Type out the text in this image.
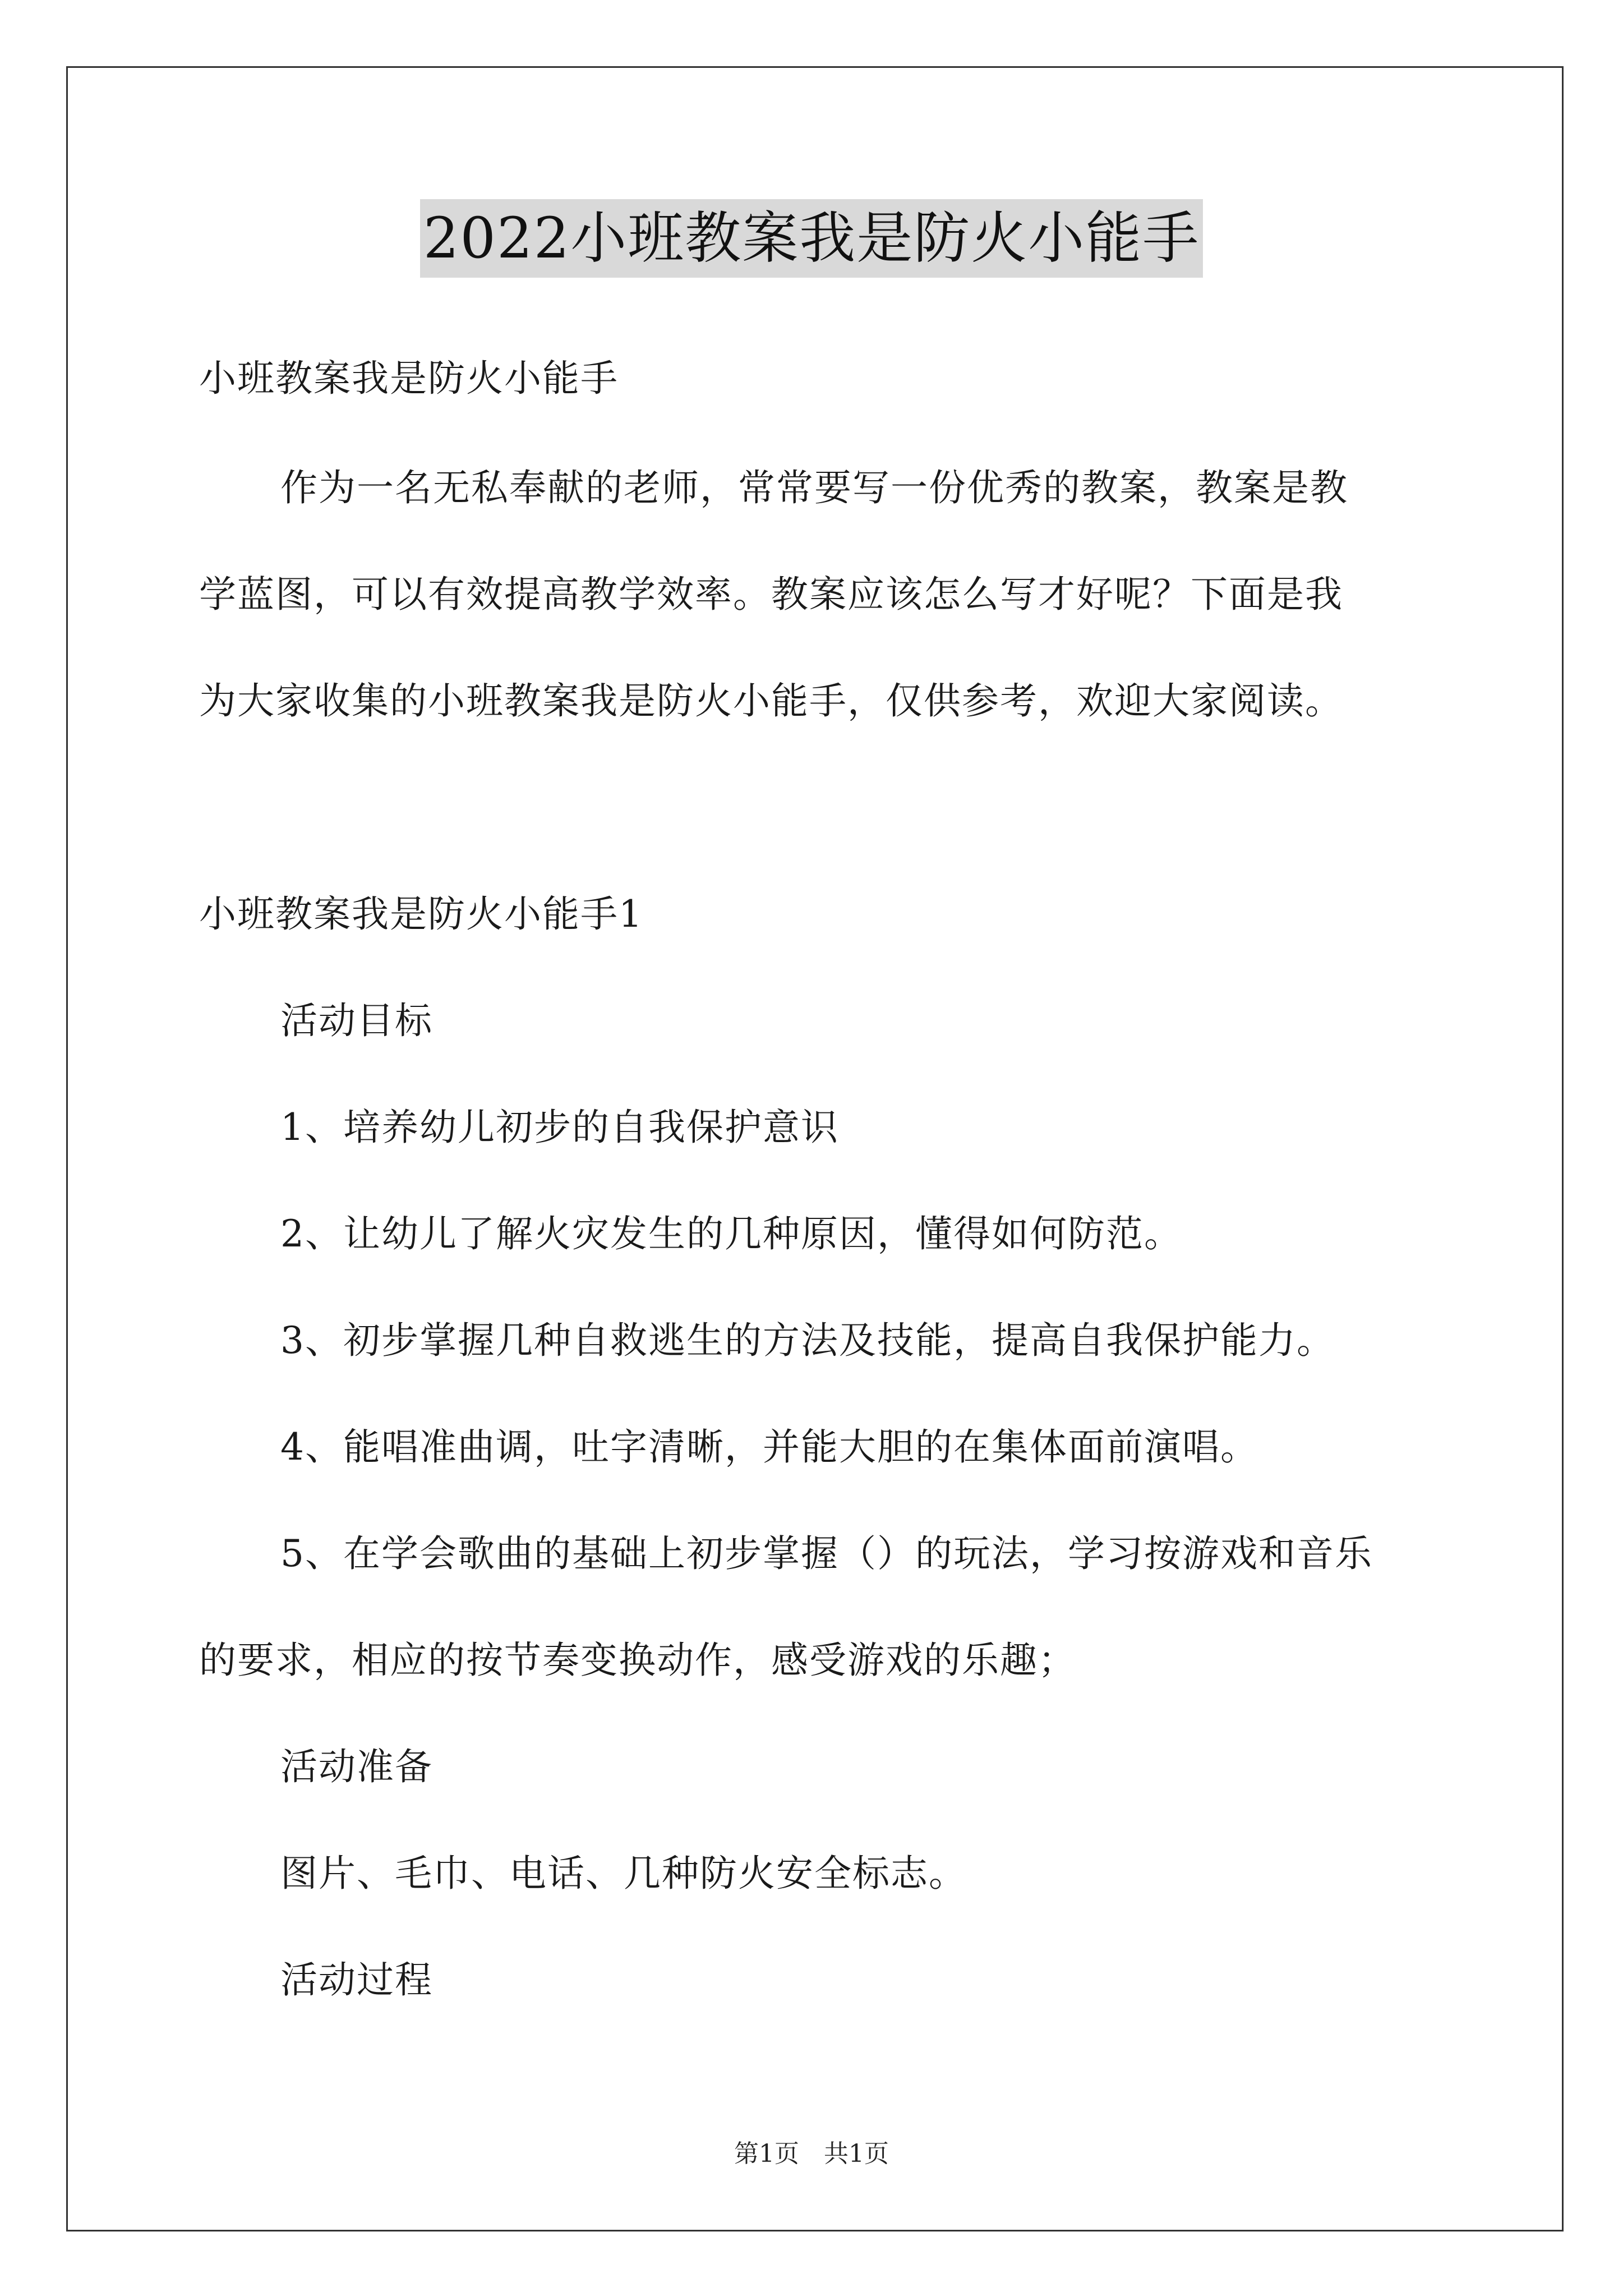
2022小班教案我是防火小能手
小班教案我是防火小能手
作为一名无私奉献的老师，常常要写一份优秀的教案，教案是教
学蓝图，可以有效提高教学效率。教案应该怎么写才好呢？下面是我
为大家收集的小班教案我是防火小能手，仅供参考，欢迎大家阅读。
小班教案我是防火小能手1
活动目标
1、培养幼儿初步的自我保护意识
2、让幼儿了解火灾发生的几种原因，懂得如何防范。
3、初步掌握几种自救逃生的方法及技能，提高自我保护能力。
4、能唱准曲调，吐字清晰，并能大胆的在集体面前演唱。
5、在学会歌曲的基础上初步掌握（）的玩法，学习按游戏和音乐
的要求，相应的按节奏变换动作，感受游戏的乐趣；
活动准备
图片、毛巾、电话、几种防火安全标志。
活动过程
第1页　共1页
